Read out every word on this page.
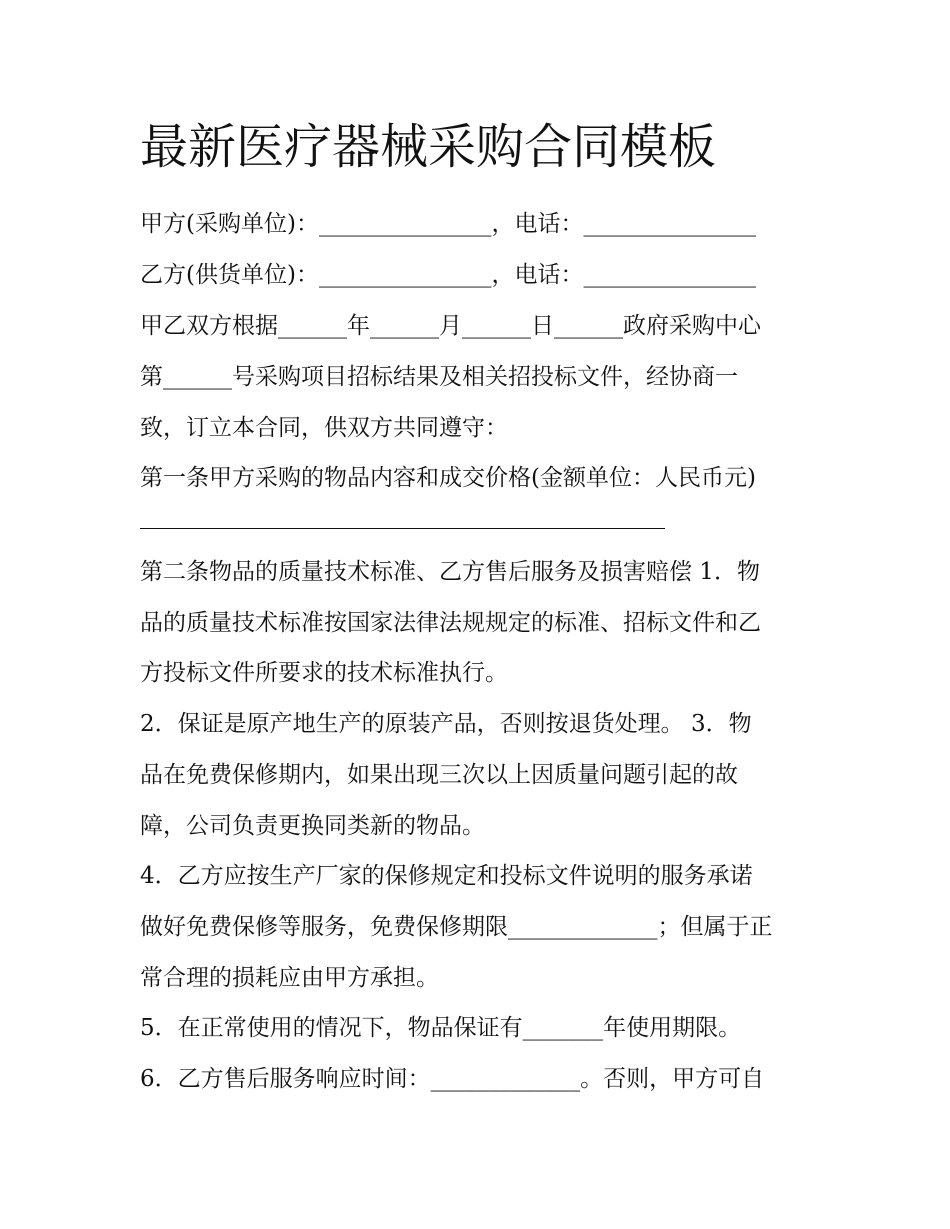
最新医疗器械采购合同模板

甲方(采购单位)：_______________，电话：_______________

乙方(供货单位)：_______________，电话：_______________

甲乙双方根据______年______月______日______政府采购中心

第______号采购项目招标结果及相关招投标文件，经协商一

致，订立本合同，供双方共同遵守：

第一条甲方采购的物品内容和成交价格(金额单位：人民币元)

第二条物品的质量技术标准、乙方售后服务及损害赔偿 1．物

品的质量技术标准按国家法律法规规定的标准、招标文件和乙

方投标文件所要求的技术标准执行。

2．保证是原产地生产的原装产品，否则按退货处理。 3．物

品在免费保修期内，如果出现三次以上因质量问题引起的故

障，公司负责更换同类新的物品。

4．乙方应按生产厂家的保修规定和投标文件说明的服务承诺

做好免费保修等服务，免费保修期限_____________；但属于正

常合理的损耗应由甲方承担。

5．在正常使用的情况下，物品保证有_______年使用期限。

6．乙方售后服务响应时间：_____________。否则，甲方可自
